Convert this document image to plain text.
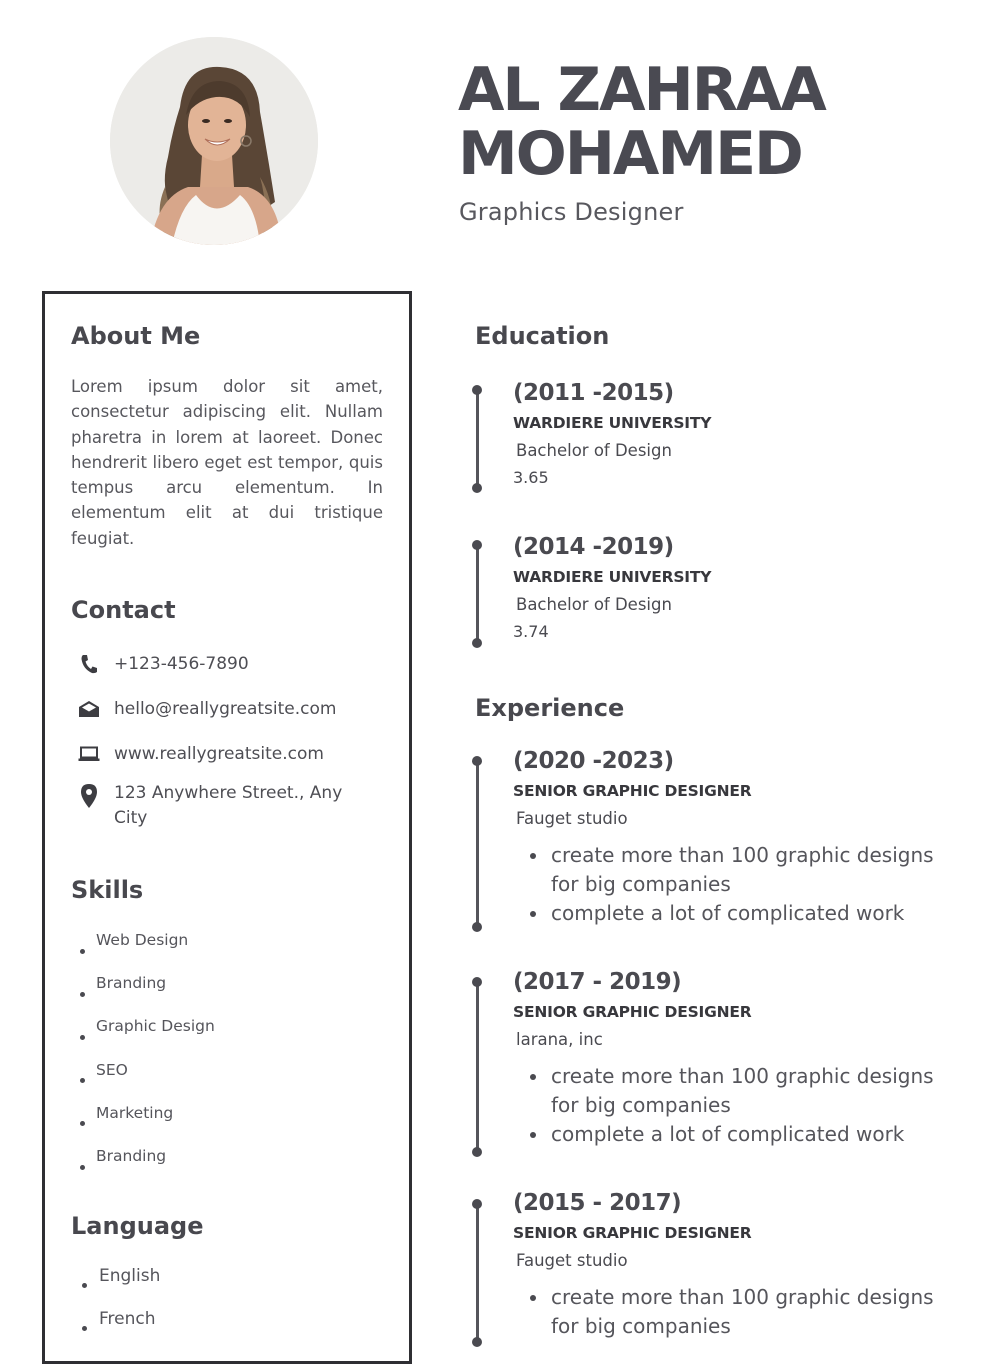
AL ZAHRAA
MOHAMED
Graphics Designer
About Me
Lorem ipsum dolor sit amet, consectetur adipiscing elit. Nullam pharetra in lorem at laoreet. Donec hendrerit libero eget est tempor, quis tempus arcu elementum. In elementum elit at dui tristique feugiat.
Contact
+123-456-7890
hello@reallygreatsite.com
www.reallygreatsite.com
123 Anywhere Street., Any City
Skills
Web Design
Branding
Graphic Design
SEO
Marketing
Branding
Language
English
French
Education
(2011 -2015)
WARDIERE UNIVERSITY
Bachelor of Design
3.65
(2014 -2019)
WARDIERE UNIVERSITY
Bachelor of Design
3.74
Experience
(2020 -2023)
SENIOR GRAPHIC DESIGNER
Fauget studio
create more than 100 graphic designs for big companies
complete a lot of complicated work
(2017 - 2019)
SENIOR GRAPHIC DESIGNER
larana, inc
create more than 100 graphic designs for big companies
complete a lot of complicated work
(2015 - 2017)
SENIOR GRAPHIC DESIGNER
Fauget studio
create more than 100 graphic designs for big companies
